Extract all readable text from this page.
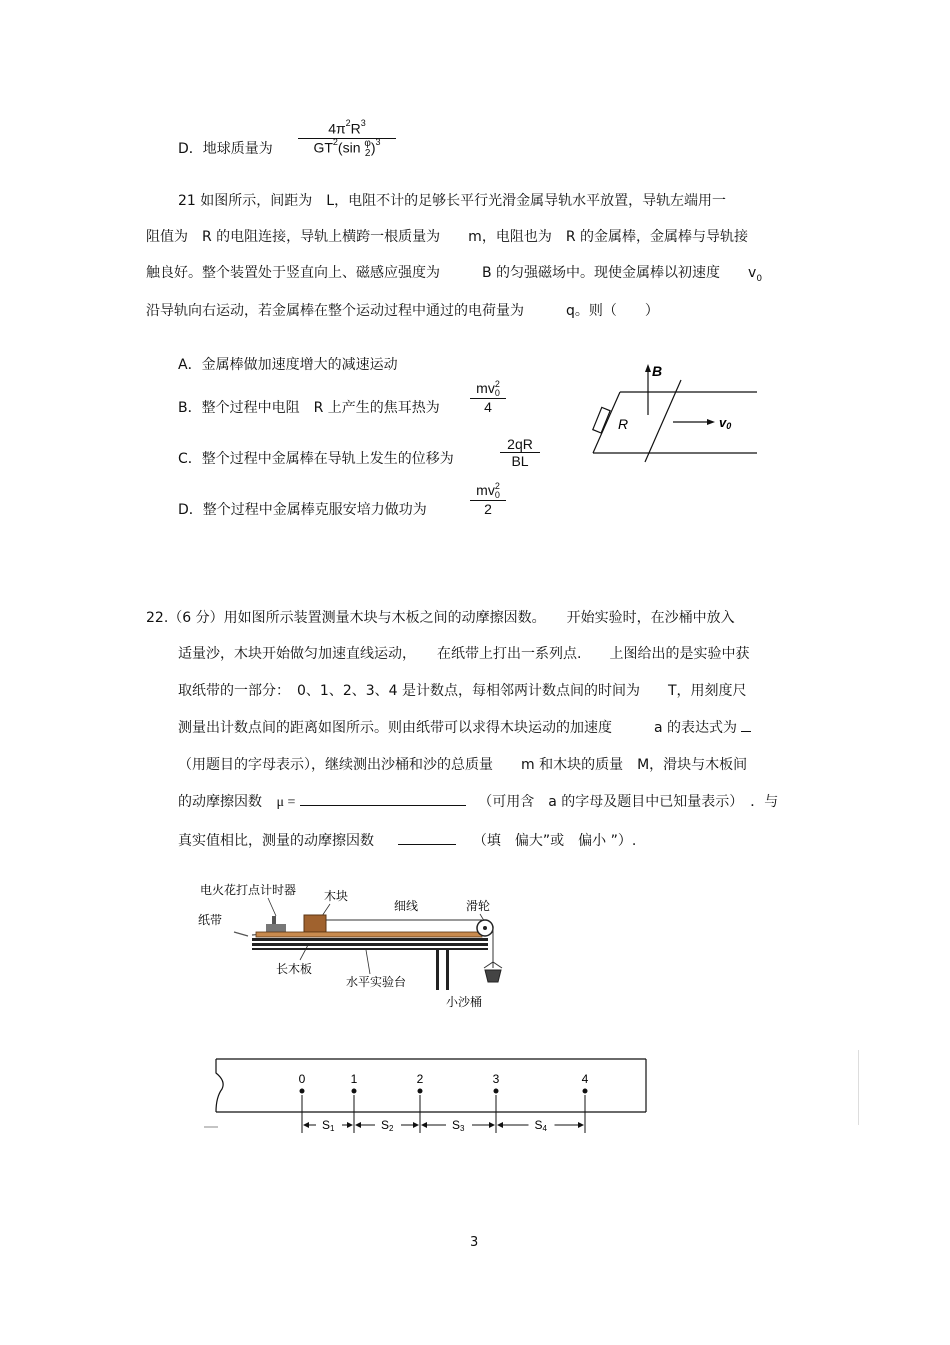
D．地球质量为 $4\pi^2R^3$
$GT^2(\sin$ φ
2 )$^3$
21 如图所示，间距为　L，电阻不计的足够长平行光滑金属导轨水平放置，导轨左端用一
阻值为　R 的电阻连接，导轨上横跨一根质量为　　m，电阻也为　R 的金属棒，金属棒与导轨接
触良好。整个装置处于竖直向上、磁感应强度为　　　B 的匀强磁场中。现使金属棒以初速度　　$v_0$
沿导轨向右运动，若金属棒在整个运动过程中通过的电荷量为　　　q。则（　　）
A．金属棒做加速度增大的减速运动
B．整个过程中电阻　R 上产生的焦耳热为 mv 2
0
4
C．整个过程中金属棒在导轨上发生的位移为	$\frac{2qR}{BL}$
D．整个过程中金属棒克服安培力做功为	mv 2
0
2
R
B
v0
22.（6 分）用如图所示装置测量木块与木板之间的动摩擦因数。　　开始实验时，在沙桶中放入
适量沙，木块开始做匀加速直线运动，　　在纸带上打出一系列点.　　上图给出的是实验中获
取纸带的一部分：　0、1、2、3、4 是计数点，每相邻两计数点间的时间为　　T，用刻度尺
测量出计数点间的距离如图所示。则由纸带可以求得木块运动的加速度　　　a 的表达式为
（用题目的字母表示），继续测出沙桶和沙的总质量　　m 和木块的质量　M，滑块与木板间
的动摩擦因数 μ =	（可用含　a 的字母及题目中已知量表示）　．与
真实值相比，测量的动摩擦因数	（填　偏大”或　偏小 ”）.
电火花打点计时器 木块
细线	滑轮
纸带
长木板
水平实验台
小沙桶
0	1	2	3	4
S1	S2	S3	S4
3
